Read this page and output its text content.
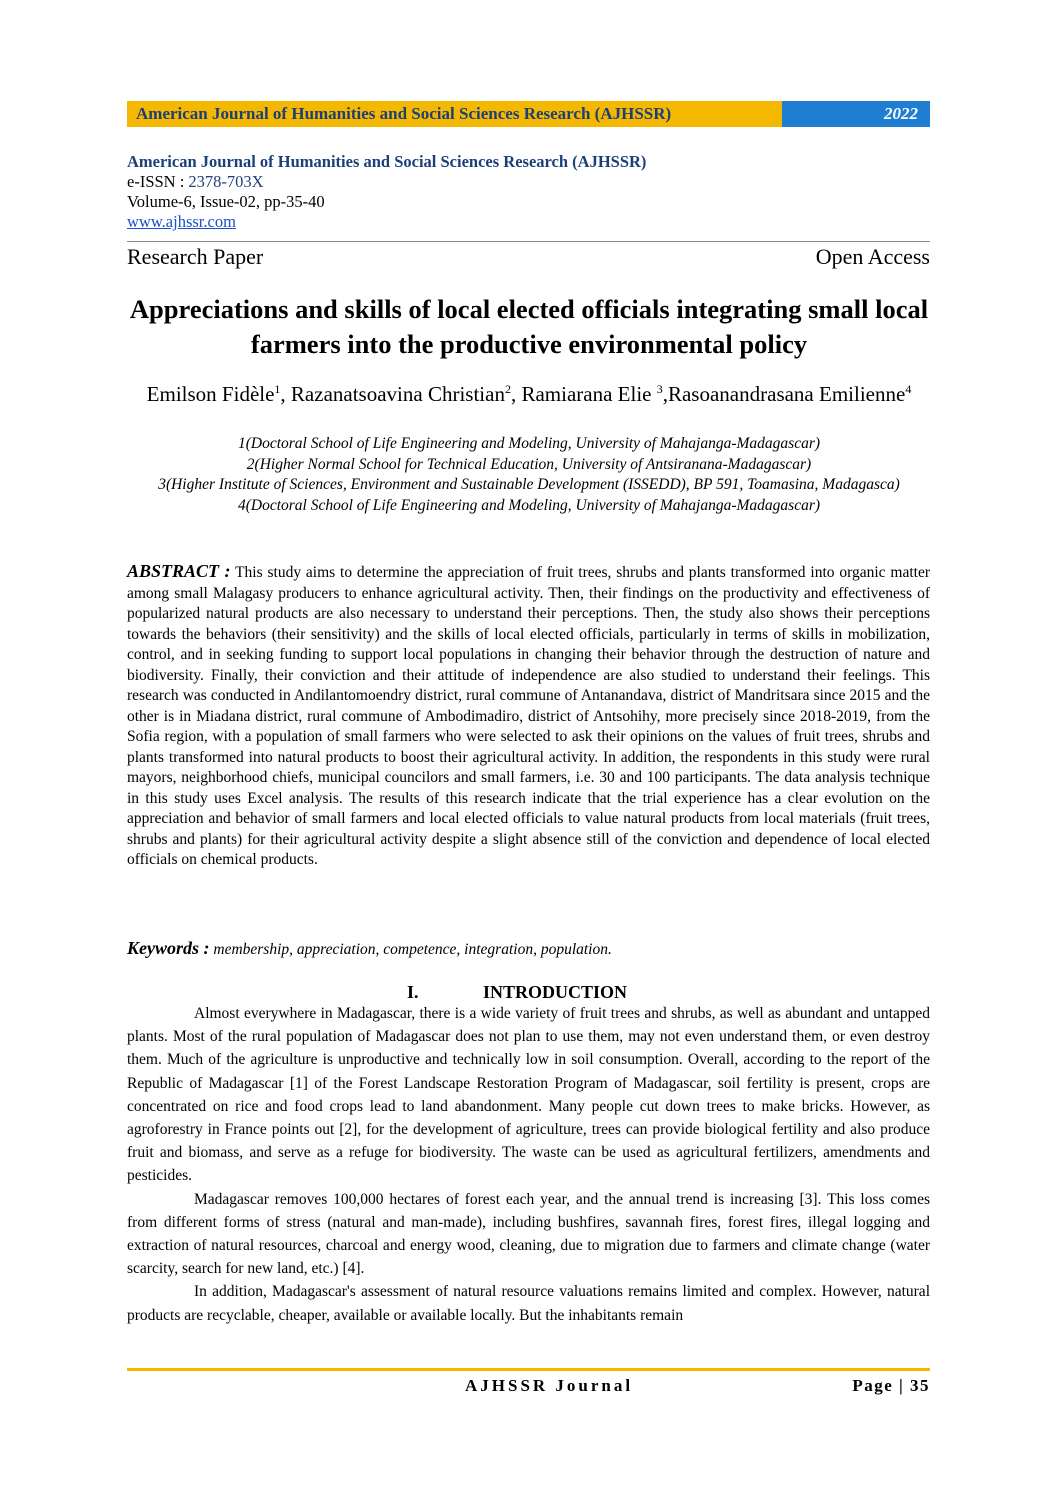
American Journal of Humanities and Social Sciences Research (AJHSSR)	2022
American Journal of Humanities and Social Sciences Research (AJHSSR)
e-ISSN : 2378-703X
Volume-6, Issue-02, pp-35-40
www.ajhssr.com
Research Paper	Open Access
Appreciations and skills of local elected officials integrating small local farmers into the productive environmental policy
Emilson Fidèle$^1$, Razanatsoavina Christian$^2$, Ramiarana Elie $^3$,Rasoanandrasana Emilienne$^4$
1(Doctoral School of Life Engineering and Modeling, University of Mahajanga-Madagascar)
2(Higher Normal School for Technical Education, University of Antsiranana-Madagascar)
3(Higher Institute of Sciences, Environment and Sustainable Development (ISSEDD), BP 591, Toamasina, Madagasca)
4(Doctoral School of Life Engineering and Modeling, University of Mahajanga-Madagascar)
ABSTRACT : This study aims to determine the appreciation of fruit trees, shrubs and plants transformed into organic matter among small Malagasy producers to enhance agricultural activity. Then, their findings on the productivity and effectiveness of popularized natural products are also necessary to understand their perceptions. Then, the study also shows their perceptions towards the behaviors (their sensitivity) and the skills of local elected officials, particularly in terms of skills in mobilization, control, and in seeking funding to support local populations in changing their behavior through the destruction of nature and biodiversity. Finally, their conviction and their attitude of independence are also studied to understand their feelings. This research was conducted in Andilantomoendry district, rural commune of Antanandava, district of Mandritsara since 2015 and the other is in Miadana district, rural commune of Ambodimadiro, district of Antsohihy, more precisely since 2018-2019, from the Sofia region, with a population of small farmers who were selected to ask their opinions on the values of fruit trees, shrubs and plants transformed into natural products to boost their agricultural activity. In addition, the respondents in this study were rural mayors, neighborhood chiefs, municipal councilors and small farmers, i.e. 30 and 100 participants. The data analysis technique in this study uses Excel analysis. The results of this research indicate that the trial experience has a clear evolution on the appreciation and behavior of small farmers and local elected officials to value natural products from local materials (fruit trees, shrubs and plants) for their agricultural activity despite a slight absence still of the conviction and dependence of local elected officials on chemical products.
Keywords : membership, appreciation, competence, integration, population.
I.	INTRODUCTION

Almost everywhere in Madagascar, there is a wide variety of fruit trees and shrubs, as well as abundant and untapped plants. Most of the rural population of Madagascar does not plan to use them, may not even understand them, or even destroy them. Much of the agriculture is unproductive and technically low in soil consumption. Overall, according to the report of the Republic of Madagascar [1] of the Forest Landscape Restoration Program of Madagascar, soil fertility is present, crops are concentrated on rice and food crops lead to land abandonment. Many people cut down trees to make bricks. However, as agroforestry in France points out [2], for the development of agriculture, trees can provide biological fertility and also produce fruit and biomass, and serve as a refuge for biodiversity. The waste can be used as agricultural fertilizers, amendments and pesticides.

Madagascar removes 100,000 hectares of forest each year, and the annual trend is increasing [3]. This loss comes from different forms of stress (natural and man-made), including bushfires, savannah fires, forest fires, illegal logging and extraction of natural resources, charcoal and energy wood, cleaning, due to migration due to farmers and climate change (water scarcity, search for new land, etc.) [4].

In addition, Madagascar's assessment of natural resource valuations remains limited and complex. However, natural products are recyclable, cheaper, available or available locally. But the inhabitants remain

AJHSSR Journal	Page | 35
